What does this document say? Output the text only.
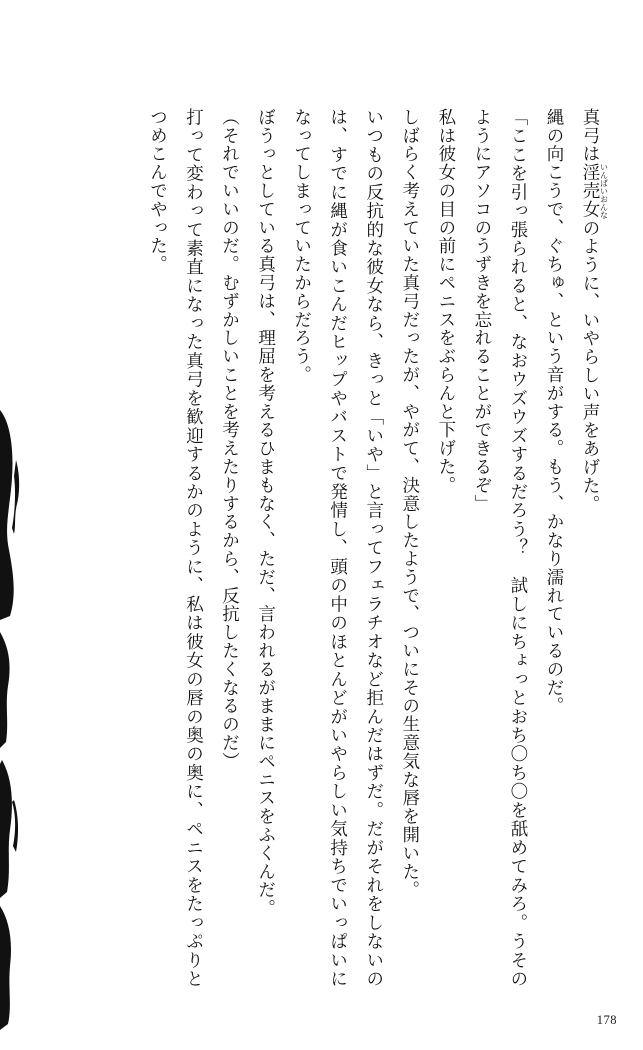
真弓は淫売女いんばいおんなのように、いやらしい声をあげた。

縄の向こうで、ぐちゅ、という音がする。もう、かなり濡れているのだ。

「ここを引っ張られると、なおウズウズするだろう？　試しにちょっとおち〇ち〇を舐めてみろ。うそのようにアソコのうずきを忘れることができるぞ」

私は彼女の目の前にペニスをぶらんと下げた。

しばらく考えていた真弓だったが、やがて、決意したようで、ついにその生意気な唇を開いた。

いつもの反抗的な彼女なら、きっと「いや」と言ってフェラチオなど拒んだはずだ。だがそれをしないのは、すでに縄が食いこんだヒップやバストで発情し、頭の中のほとんどがいやらしい気持ちでいっぱいになってしまっていたからだろう。

ぼうっとしている真弓は、理屈を考えるひまもなく、ただ、言われるがままにペニスをふくんだ。

（それでいいのだ。むずかしいことを考えたりするから、反抗したくなるのだ）

打って変わって素直になった真弓を歓迎するかのように、私は彼女の唇の奥の奥に、ペニスをたっぷりとつめこんでやった。

178
